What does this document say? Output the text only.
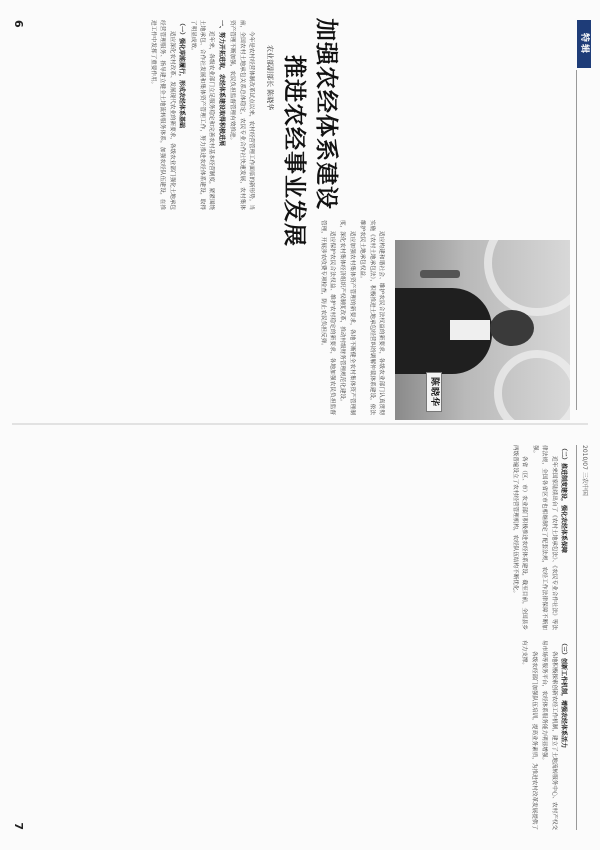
特辑
陈晓华
加强农经体系建设
推进农经事业发展
农业部副部长 陈晓华

今年是农村经营体制改革试点以来，农村经营管理工作面临的新形势。当前，全国农村土地承包关系总体稳定，农民专业合作社快速发展，农村集体资产管理不断加强，农民负担监督管理有效推进。

一、努力开拓进取，农经体系建设取得积极进展

近年来，各级农业部门立足服务稳定和完善农村基本经营制度，紧紧围绕土地承包、合作社发展和集体资产管理工作，努力推进农经体系建设，取得了明显成效。

（一）强化职能履行，形成农经体系基础

适应深化农村改革、发展现代农业的新要求，各级农业部门强化土地承包经营管理服务、指导建立健全土地流转服务体系，加强农经队伍建设，在推进工作中发挥了重要作用。

适应构建和谐社会、维护农民合法权益的新要求，各级农业部门认真贯彻实施《农村土地承包法》，积极推进土地承包经营纠纷调解仲裁体系建设，依法维护农民土地承包权益。

适应加强农村集体资产管理的新要求，各地不断健全农村集体资产管理制度，深化农村集体经济组织产权制度改革，推动村级财务管理规范化建设。

适应保护农民合法权益、维护农村稳定的新要求，各地加强农民负担监督管理，开展涉农收费专项检查，防止农民负担反弹。

6
2010/07 三农中国

（二）推进制度建设，强化农经体系保障

近年来国家陆续出台了《农村土地承包法》、《农民专业合作社法》等法律法规，全国各省区市也相继制定了配套法规，农经工作法律保障不断加强。

各省（区、市）农业部门积极推进农经体系建设，截至目前，全国县乡两级普遍设立了农村经营管理机构，农经队伍结构不断优化。

（三）创新工作机制，增强农经体系活力

各地积极探索创新农经工作机制，建立了土地流转服务中心、农村产权交易市场等服务平台，农经体系服务能力明显增强。

各级农经部门加强队伍培训，提高业务素质，为推进农村改革发展提供了有力支撑。

7
